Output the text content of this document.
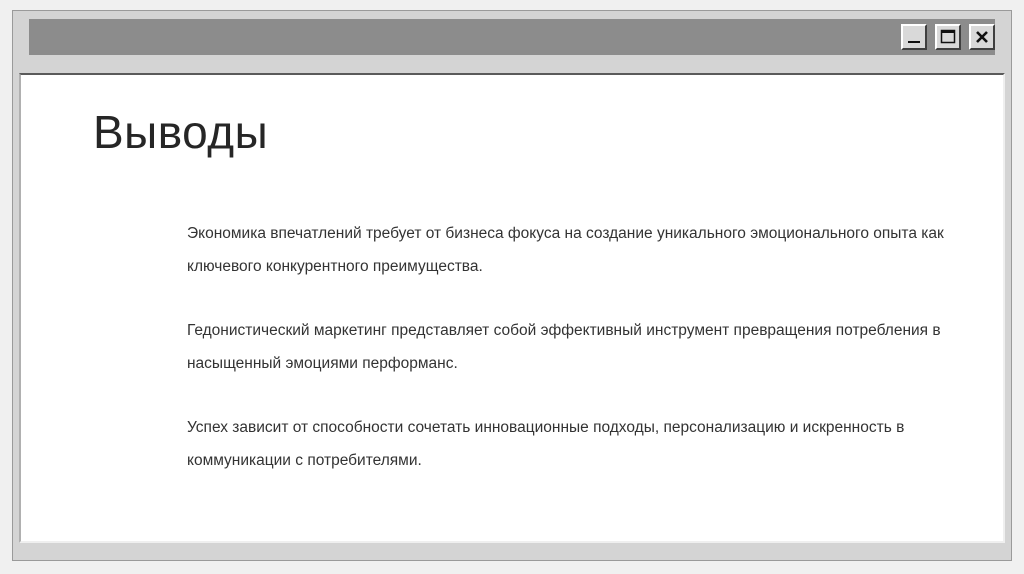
Выводы

Экономика впечатлений требует от бизнеса фокуса на создание уникального эмоционального опыта как ключевого конкурентного преимущества.

Гедонистический маркетинг представляет собой эффективный инструмент превращения потребления в насыщенный эмоциями перформанс.

Успех зависит от способности сочетать инновационные подходы, персонализацию и искренность в коммуникации с потребителями.
